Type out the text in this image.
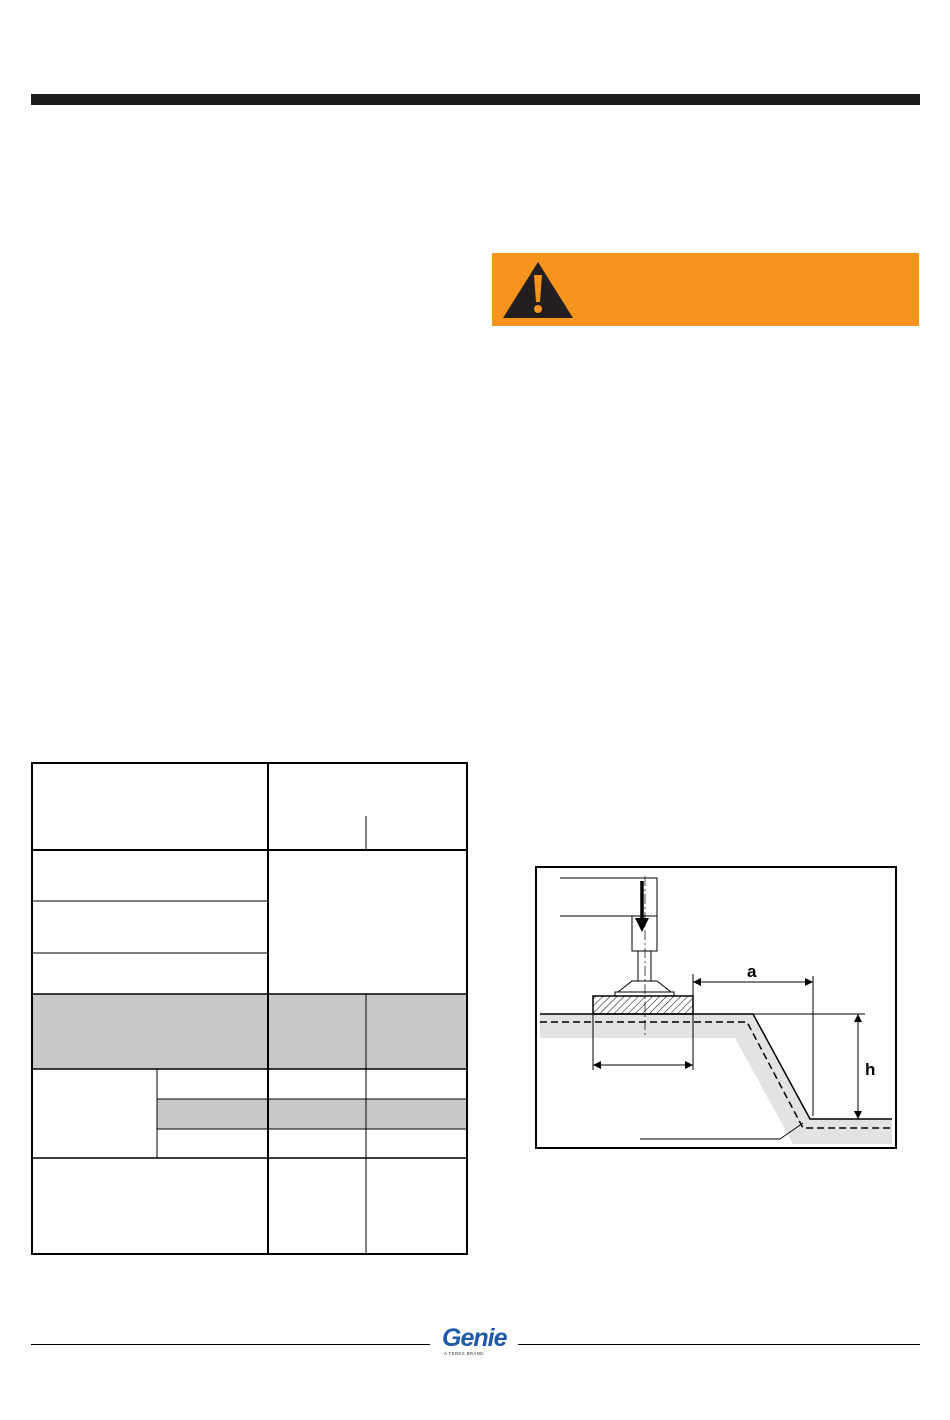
a
h
Genie
A TEREX BRAND
